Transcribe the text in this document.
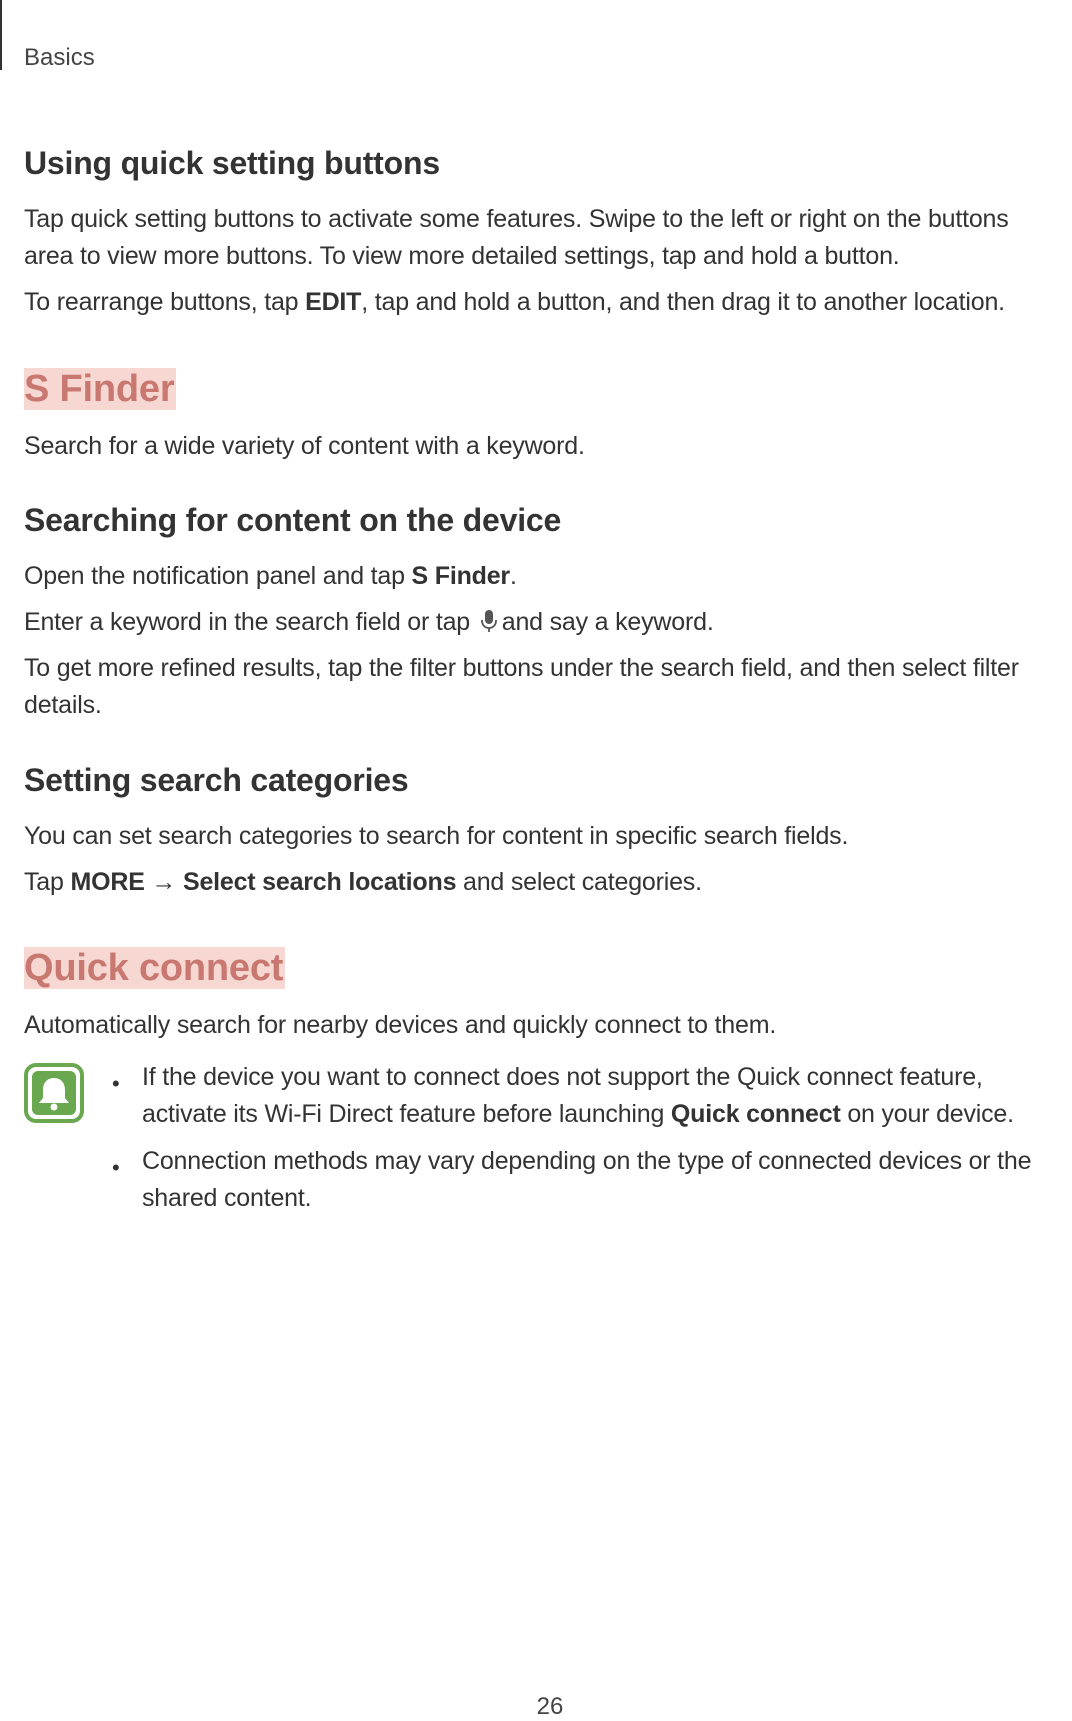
Basics
Using quick setting buttons
Tap quick setting buttons to activate some features. Swipe to the left or right on the buttons
area to view more buttons. To view more detailed settings, tap and hold a button.
To rearrange buttons, tap EDIT, tap and hold a button, and then drag it to another location.
S Finder
Search for a wide variety of content with a keyword.
Searching for content on the device
Open the notification panel and tap S Finder.
Enter a keyword in the search field or tap and say a keyword.
To get more refined results, tap the filter buttons under the search field, and then select filter
details.
Setting search categories
You can set search categories to search for content in specific search fields.
Tap MORE → Select search locations and select categories.
Quick connect
Automatically search for nearby devices and quickly connect to them.
• If the device you want to connect does not support the Quick connect feature,
activate its Wi-Fi Direct feature before launching Quick connect on your device.
• Connection methods may vary depending on the type of connected devices or the
shared content.
26
